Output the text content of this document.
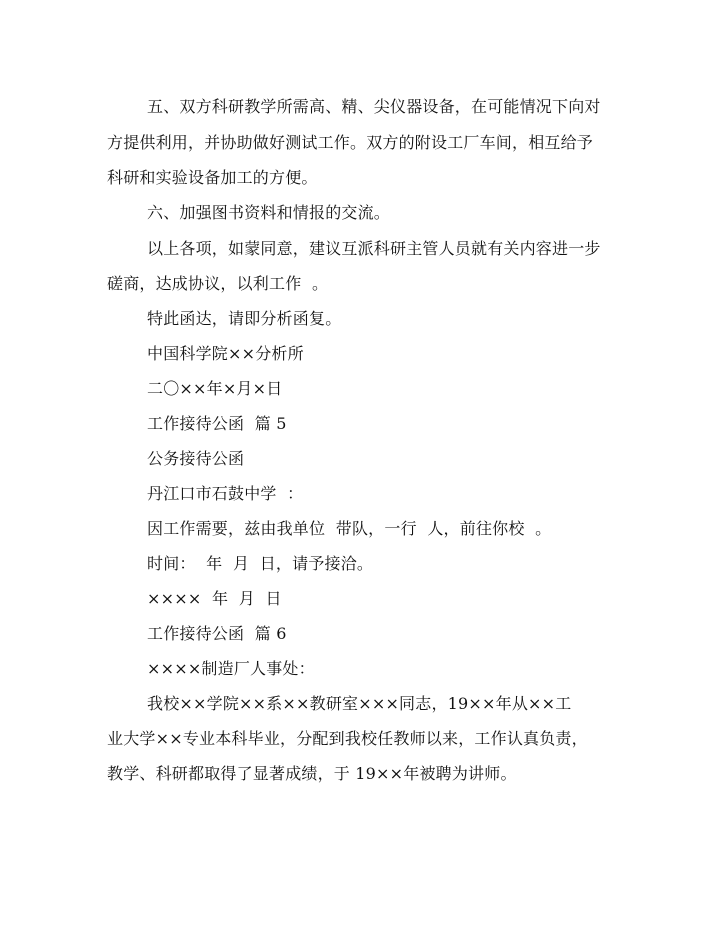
五、双方科研教学所需高、精、尖仪器设备，在可能情况下向对
方提供利用，并协助做好测试工作。双方的附设工厂车间，相互给予
科研和实验设备加工的方便。
六、加强图书资料和情报的交流。
以上各项，如蒙同意，建议互派科研主管人员就有关内容进一步
磋商，达成协议，以利工作  。
特此函达，请即分析函复。
中国科学院××分析所
二〇××年×月×日
工作接待公函  篇 5
公务接待公函
丹江口市石鼓中学  ：
因工作需要，兹由我单位  带队，一行  人，前往你校  。
时间：  年  月  日，请予接洽。
××××  年  月  日
工作接待公函  篇 6
××××制造厂人事处：
我校××学院××系××教研室×××同志，19××年从××工
业大学××专业本科毕业，分配到我校任教师以来，工作认真负责，
教学、科研都取得了显著成绩，于 19××年被聘为讲师。
